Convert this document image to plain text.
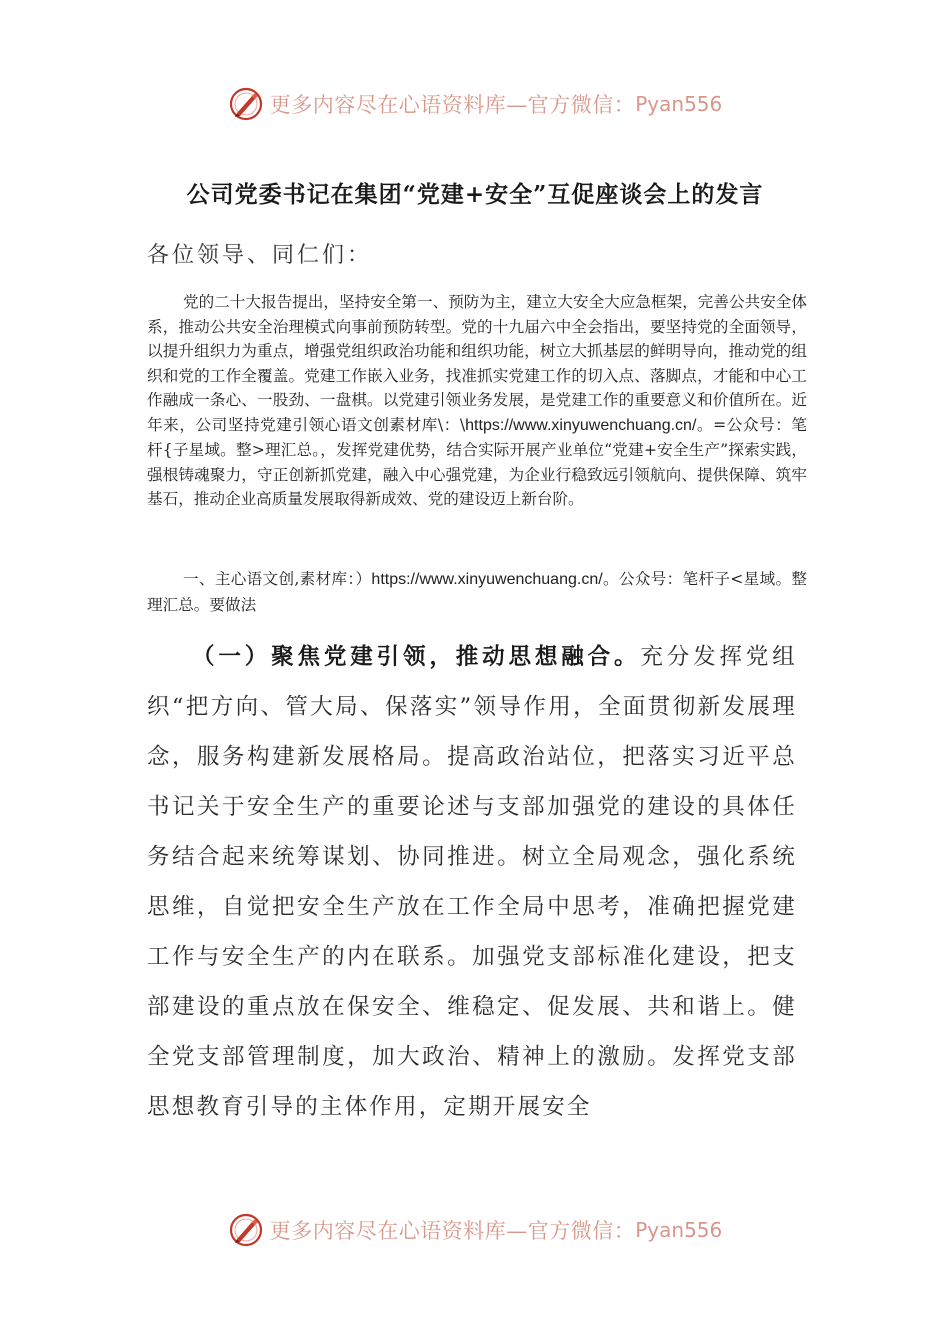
更多内容尽在心语资料库—官方微信： Pyan556
公司党委书记在集团“党建+安全”互促座谈会上的发言
各位领导、同仁们：

党的二十大报告提出，坚持安全第一、预防为主，建立大安全大应急框架，完善公共安全体系，推动公共安全治理模式向事前预防转型。党的十九届六中全会指出，要坚持党的全面领导，以提升组织力为重点，增强党组织政治功能和组织功能，树立大抓基层的鲜明导向，推动党的组织和党的工作全覆盖。党建工作嵌入业务，找准抓实党建工作的切入点、落脚点，才能和中心工作融成一条心、一股劲、一盘棋。以党建引领业务发展，是党建工作的重要意义和价值所在。近年来，公司坚持党建引领心语文创素材库\：\https://www.xinyuwenchuang.cn/。=公众号：笔杆{子星域。整>理汇总。，发挥党建优势，结合实际开展产业单位“党建+安全生产”探索实践，强根铸魂聚力，守正创新抓党建，融入中心强党建，为企业行稳致远引领航向、提供保障、筑牢基石，推动企业高质量发展取得新成效、党的建设迈上新台阶。

一、主心语文创,素材库：）https://www.xinyuwenchuang.cn/。公众号：笔杆子<星域。整理汇总。要做法

（一）聚焦党建引领，推动思想融合。充分发挥党组织“把方向、管大局、保落实”领导作用，全面贯彻新发展理念，服务构建新发展格局。提高政治站位，把落实习近平总书记关于安全生产的重要论述与支部加强党的建设的具体任务结合起来统筹谋划、协同推进。树立全局观念，强化系统思维，自觉把安全生产放在工作全局中思考，准确把握党建工作与安全生产的内在联系。加强党支部标准化建设，把支部建设的重点放在保安全、维稳定、促发展、共和谐上。健全党支部管理制度，加大政治、精神上的激励。发挥党支部思想教育引导的主体作用，定期开展安全

更多内容尽在心语资料库—官方微信： Pyan556
